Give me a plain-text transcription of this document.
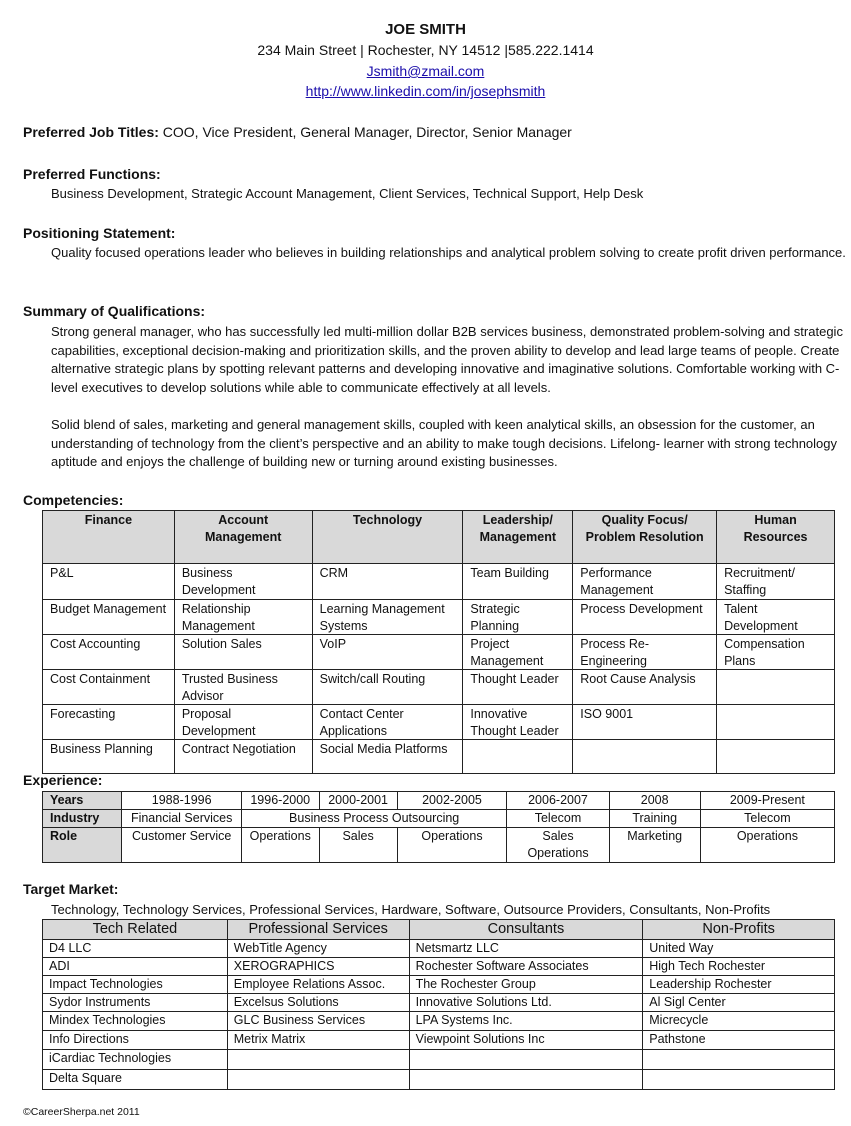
JOE SMITH
234 Main Street | Rochester, NY 14512 |585.222.1414
Jsmith@zmail.com
http://www.linkedin.com/in/josephsmith
Preferred Job Titles: COO, Vice President, General Manager, Director, Senior Manager
Preferred Functions:
Business Development, Strategic Account Management, Client Services, Technical Support, Help Desk
Positioning Statement:
Quality focused operations leader who believes in building relationships and analytical problem solving to create profit driven performance.
Summary of Qualifications:
Strong general manager, who has successfully led multi-million dollar B2B services business, demonstrated problem-solving and strategic capabilities, exceptional decision-making and prioritization skills, and the proven ability to develop and lead large teams of people. Create alternative strategic plans by spotting relevant patterns and developing innovative and imaginative solutions. Comfortable working with C-level executives to develop solutions while able to communicate effectively at all levels.
Solid blend of sales, marketing and general management skills, coupled with keen analytical skills, an obsession for the customer, an understanding of technology from the client’s perspective and an ability to make tough decisions. Lifelong- learner with strong technology aptitude and enjoys the challenge of building new or turning around existing businesses.
Competencies:
Finance	Account Management	Technology	Leadership/ Management	Quality Focus/ Problem Resolution	Human Resources
P&L	Business Development	CRM	Team Building	Performance Management	Recruitment/ Staffing
Budget Management	Relationship Management	Learning Management Systems	Strategic Planning	Process Development	Talent Development
Cost Accounting	Solution Sales	VoIP	Project Management	Process Re-Engineering	Compensation Plans
Cost Containment	Trusted Business Advisor	Switch/call Routing	Thought Leader	Root Cause Analysis	
Forecasting	Proposal Development	Contact Center Applications	Innovative Thought Leader	ISO 9001	
Business Planning	Contract Negotiation	Social Media Platforms			
Experience:
Years	1988-1996	1996-2000	2000-2001	2002-2005	2006-2007	2008	2009-Present
Industry	Financial Services	Business Process Outsourcing			Telecom	Training	Telecom
Role	Customer Service	Operations	Sales	Operations	Sales Operations	Marketing	Operations
Target Market:
Technology, Technology Services, Professional Services, Hardware, Software, Outsource Providers, Consultants, Non-Profits
Tech Related	Professional Services	Consultants	Non-Profits
D4 LLC	WebTitle Agency	Netsmartz LLC	United Way
ADI	XEROGRAPHICS	Rochester Software Associates	High Tech Rochester
Impact Technologies	Employee Relations Assoc.	The Rochester Group	Leadership Rochester
Sydor Instruments	Excelsus Solutions	Innovative Solutions Ltd.	Al Sigl Center
Mindex Technologies	GLC Business Services	LPA Systems Inc.	Micrecycle
Info Directions	Metrix Matrix	Viewpoint Solutions Inc	Pathstone
iCardiac Technologies			
Delta Square			
©CareerSherpa.net 2011
